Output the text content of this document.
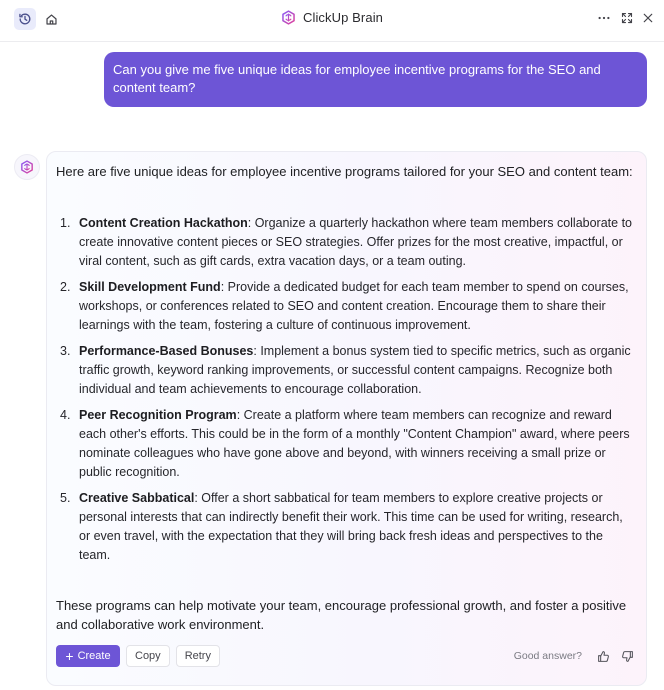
ClickUp Brain
Can you give me five unique ideas for employee incentive programs for the SEO and content team?

Here are five unique ideas for employee incentive programs tailored for your SEO and content team:

1. Content Creation Hackathon: Organize a quarterly hackathon where team members collaborate to create innovative content pieces or SEO strategies. Offer prizes for the most creative, impactful, or viral content, such as gift cards, extra vacation days, or a team outing.
2. Skill Development Fund: Provide a dedicated budget for each team member to spend on courses, workshops, or conferences related to SEO and content creation. Encourage them to share their learnings with the team, fostering a culture of continuous improvement.
3. Performance-Based Bonuses: Implement a bonus system tied to specific metrics, such as organic traffic growth, keyword ranking improvements, or successful content campaigns. Recognize both individual and team achievements to encourage collaboration.
4. Peer Recognition Program: Create a platform where team members can recognize and reward each other's efforts. This could be in the form of a monthly "Content Champion" award, where peers nominate colleagues who have gone above and beyond, with winners receiving a small prize or public recognition.
5. Creative Sabbatical: Offer a short sabbatical for team members to explore creative projects or personal interests that can indirectly benefit their work. This time can be used for writing, research, or even travel, with the expectation that they will bring back fresh ideas and perspectives to the team.

These programs can help motivate your team, encourage professional growth, and foster a positive and collaborative work environment.

+ Create	Copy	Retry	Good answer?
